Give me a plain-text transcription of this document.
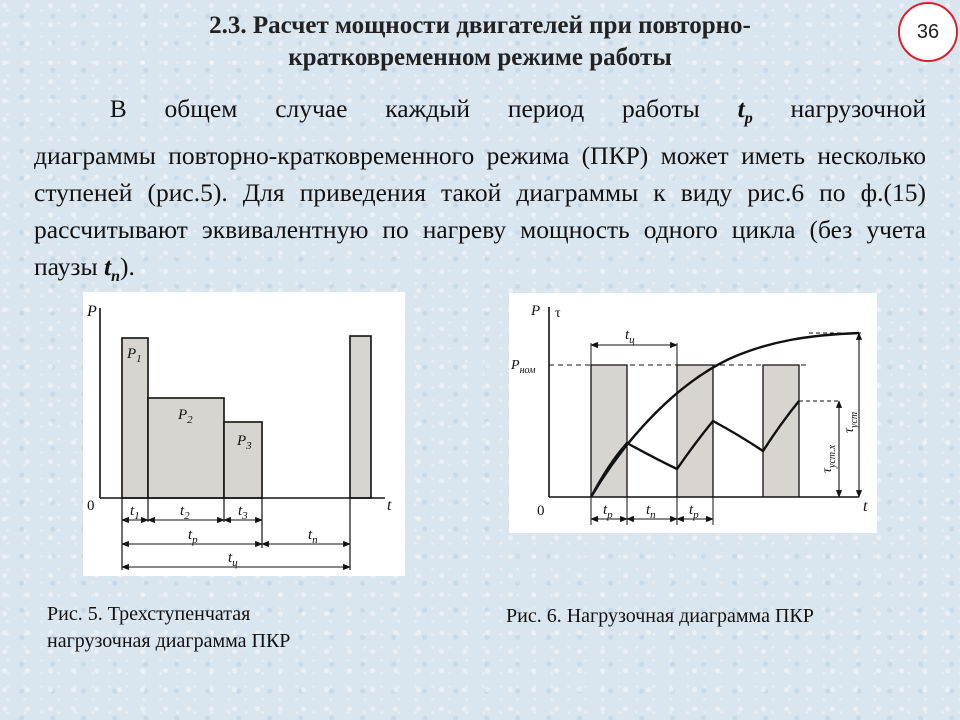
2.3. Расчет мощности двигателей при повторно-
кратковременном режиме работы
36
В общем случае каждый период работы $t_р$ нагрузочной
диаграммы повторно-кратковременного режима (ПКР) может иметь несколько ступеней (рис.5). Для приведения такой диаграммы к виду рис.6 по ф.(15) рассчитывают эквивалентную по нагреву мощность одного цикла (без учета паузы $t_п$).
P
t
0
$P_1$
$P_2$
$P_3$
$t_1$	$t_2$	$t_3$
$t_р$	$t_п$
$t_ц$
P τ
t
0
$P_{ном}$
$\tau_{уст.х}$
$\tau_{уст}$
$t_ц$
$t_р$ $t_п$ $t_р$
Рис. 5. Трехступенчатая
нагрузочная диаграмма ПКР
Рис. 6. Нагрузочная диаграмма ПКР
